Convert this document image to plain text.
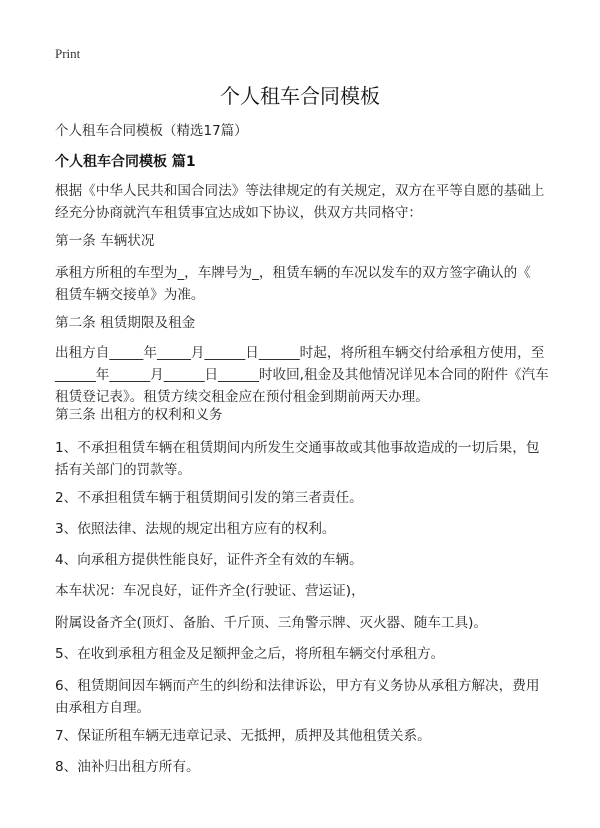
Print
个人租车合同模板
个人租车合同模板（精选17篇）
个人租车合同模板 篇1
根据《中华人民共和国合同法》等法律规定的有关规定，双方在平等自愿的基础上
经充分协商就汽车租赁事宜达成如下协议，供双方共同格守：
第一条 车辆状况
承租方所租的车型为_，车牌号为_，租赁车辆的车况以发车的双方签字确认的《
租赁车辆交接单》为准。
第二条 租赁期限及租金
出租方自_____年_____月______日______时起，将所租车辆交付给承租方使用，至
______年______月______日______时收回,租金及其他情况详见本合同的附件《汽车
租赁登记表》。租赁方续交租金应在预付租金到期前两天办理。
第三条 出租方的权利和义务
1、不承担租赁车辆在租赁期间内所发生交通事故或其他事故造成的一切后果，包
括有关部门的罚款等。
2、不承担租赁车辆于租赁期间引发的第三者责任。
3、依照法律、法规的规定出租方应有的权利。
4、向承租方提供性能良好，证件齐全有效的车辆。
本车状况：车况良好，证件齐全(行驶证、营运证)，
附属设备齐全(顶灯、备胎、千斤顶、三角警示牌、灭火器、随车工具)。
5、在收到承租方租金及足额押金之后，将所租车辆交付承租方。
6、租赁期间因车辆而产生的纠纷和法律诉讼，甲方有义务协从承租方解决，费用
由承租方自理。
7、保证所租车辆无违章记录、无抵押，质押及其他租赁关系。
8、油补归出租方所有。
